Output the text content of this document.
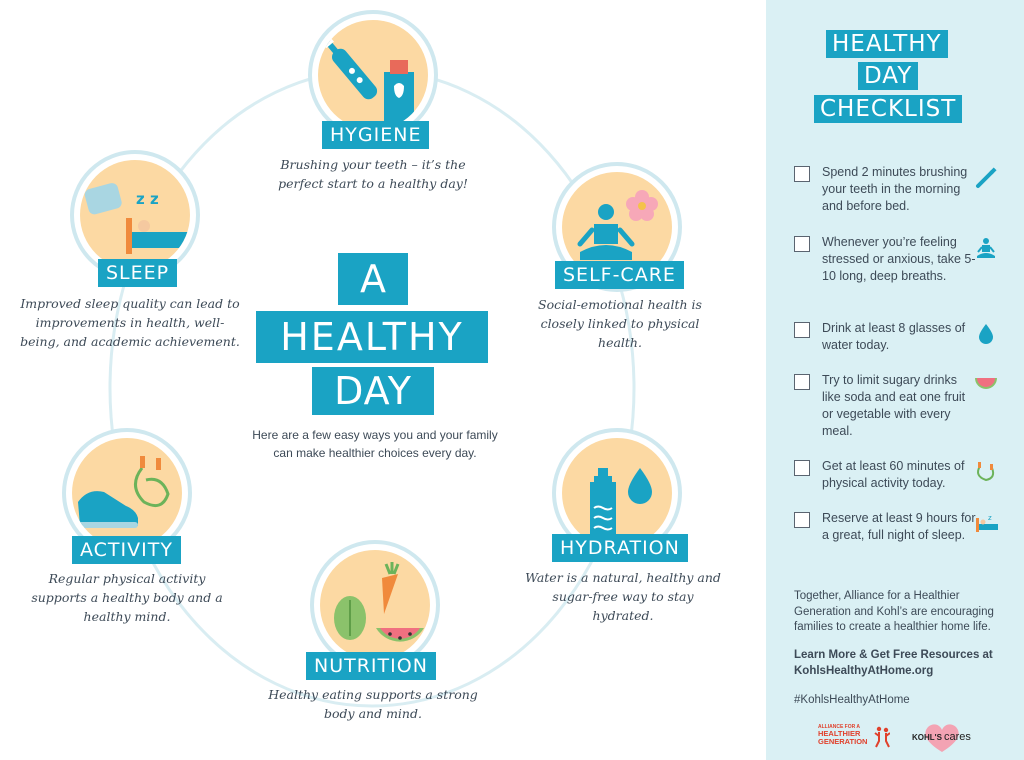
HYGIENE
Brushing your teeth – it’s the perfect start to a healthy day!
SELF-CARE
Social-emotional health is closely linked to physical health.
HYDRATION
Water is a natural, healthy and sugar-free way to stay hydrated.
NUTRITION
Healthy eating supports a strong body and mind.
ACTIVITY
Regular physical activity supports a healthy body and a healthy mind.
z z
SLEEP
Improved sleep quality can lead to improvements in health, well-being, and academic achievement.
A
HEALTHY
DAY
Here are a few easy ways you and your family can make healthier choices every day.
HEALTHY
DAY
CHECKLIST
Spend 2 minutes brushing your teeth in the morning and before bed.
Whenever you’re feeling stressed or anxious, take 5-10 long, deep breaths.
Drink at least 8 glasses of water today.
Try to limit sugary drinks like soda and eat one fruit or vegetable with every meal.
Get at least 60 minutes of physical activity today.
Reserve at least 9 hours for a great, full night of sleep.
z
Together, Alliance for a Healthier Generation and Kohl’s are encouraging families to create a healthier home life.
Learn More & Get Free Resources at KohlsHealthyAtHome.org
#KohlsHealthyAtHome
ALLIANCE FOR A
HEALTHIER GENERATION	KOHL'S cares
